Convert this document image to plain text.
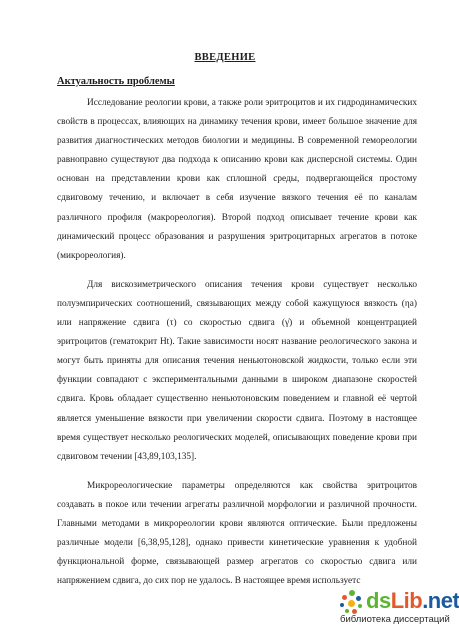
ВВЕДЕНИЕ
Актуальность проблемы

Исследование реологии крови, а также роли эритроцитов и их гидродинамических свойств в процессах, влияющих на динамику течения крови, имеет большое значение для развития диагностических методов биологии и медицины. В современной гемореологии равноправно существуют два подхода к описанию крови как дисперсной системы. Один основан на представлении крови как сплошной среды, подвергающейся простому сдвиговому течению, и включает в себя изучение вязкого течения её по каналам различного профиля (макрореология). Второй подход описывает течение крови как динамический процесс образования и разрушения эритроцитарных агрегатов в потоке (микрореология).

Для вискозиметрического описания течения крови существует несколько полуэмпирических соотношений, связывающих между собой кажущуюся вязкость (ηa) или напряжение сдвига (τ) со скоростью сдвига (γ̇) и объемной концентрацией эритроцитов (гематокрит Ht). Такие зависимости носят название реологического закона и могут быть приняты для описания течения неньютоновской жидкости, только если эти функции совпадают с экспериментальными данными в широком диапазоне скоростей сдвига. Кровь обладает существенно неньютоновским поведением и главной её чертой является уменьшение вязкости при увеличении скорости сдвига. Поэтому в настоящее время существует несколько реологических моделей, описывающих поведение крови при сдвиговом течении [43,89,103,135].

Микрореологические параметры определяются как свойства эритроцитов создавать в покое или течении агрегаты различной морфологии и различной прочности. Главными методами в микрореологии крови являются оптические. Были предложены различные модели [6,38,95,128], однако привести кинетические уравнения к удобной функциональной форме, связывающей размер агрегатов со скоростью сдвига или напряжением сдвига, до сих пор не удалось. В настоящее время используетс

dsLib.net
библиотека диссертаций
